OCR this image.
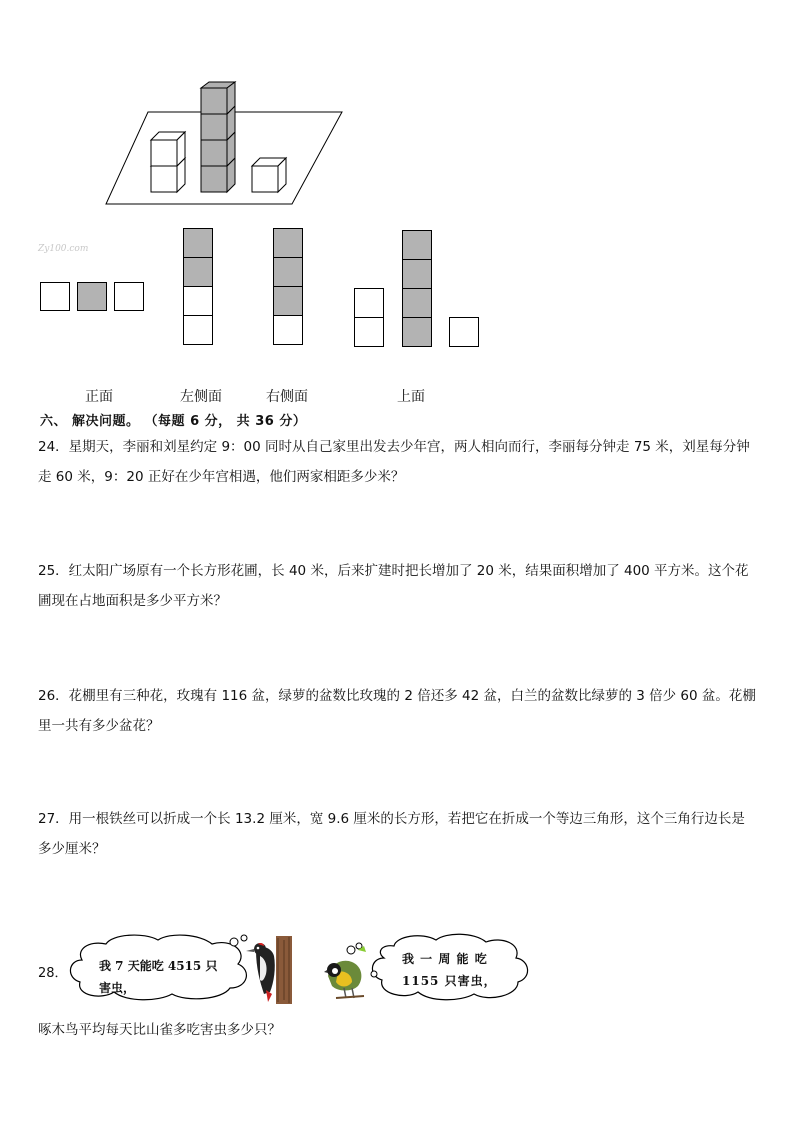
Zy100.com
正面	左侧面	右侧面	上面
六、 解决问题。 （每题 6 分， 共 36 分）

24．星期天，李丽和刘星约定 9：00 同时从自己家里出发去少年宫，两人相向而行，李丽每分钟走 75 米，刘星每分钟走 60 米，9：20 正好在少年宫相遇，他们两家相距多少米？

25．红太阳广场原有一个长方形花圃，长 40 米，后来扩建时把长增加了 20 米，结果面积增加了 400 平方米。这个花圃现在占地面积是多少平方米？

26．花棚里有三种花，玫瑰有 116 盆，绿萝的盆数比玫瑰的 2 倍还多 42 盆，白兰的盆数比绿萝的 3 倍少 60 盆。花棚里一共有多少盆花？

27．用一根铁丝可以折成一个长 13.2 厘米，宽 9.6 厘米的长方形，若把它在折成一个等边三角形，这个三角行边长是多少厘米？

28．	我 7 天能吃 4515 只
害虫，
我 一 周 能 吃
1155 只害虫，
啄木鸟平均每天比山雀多吃害虫多少只？
